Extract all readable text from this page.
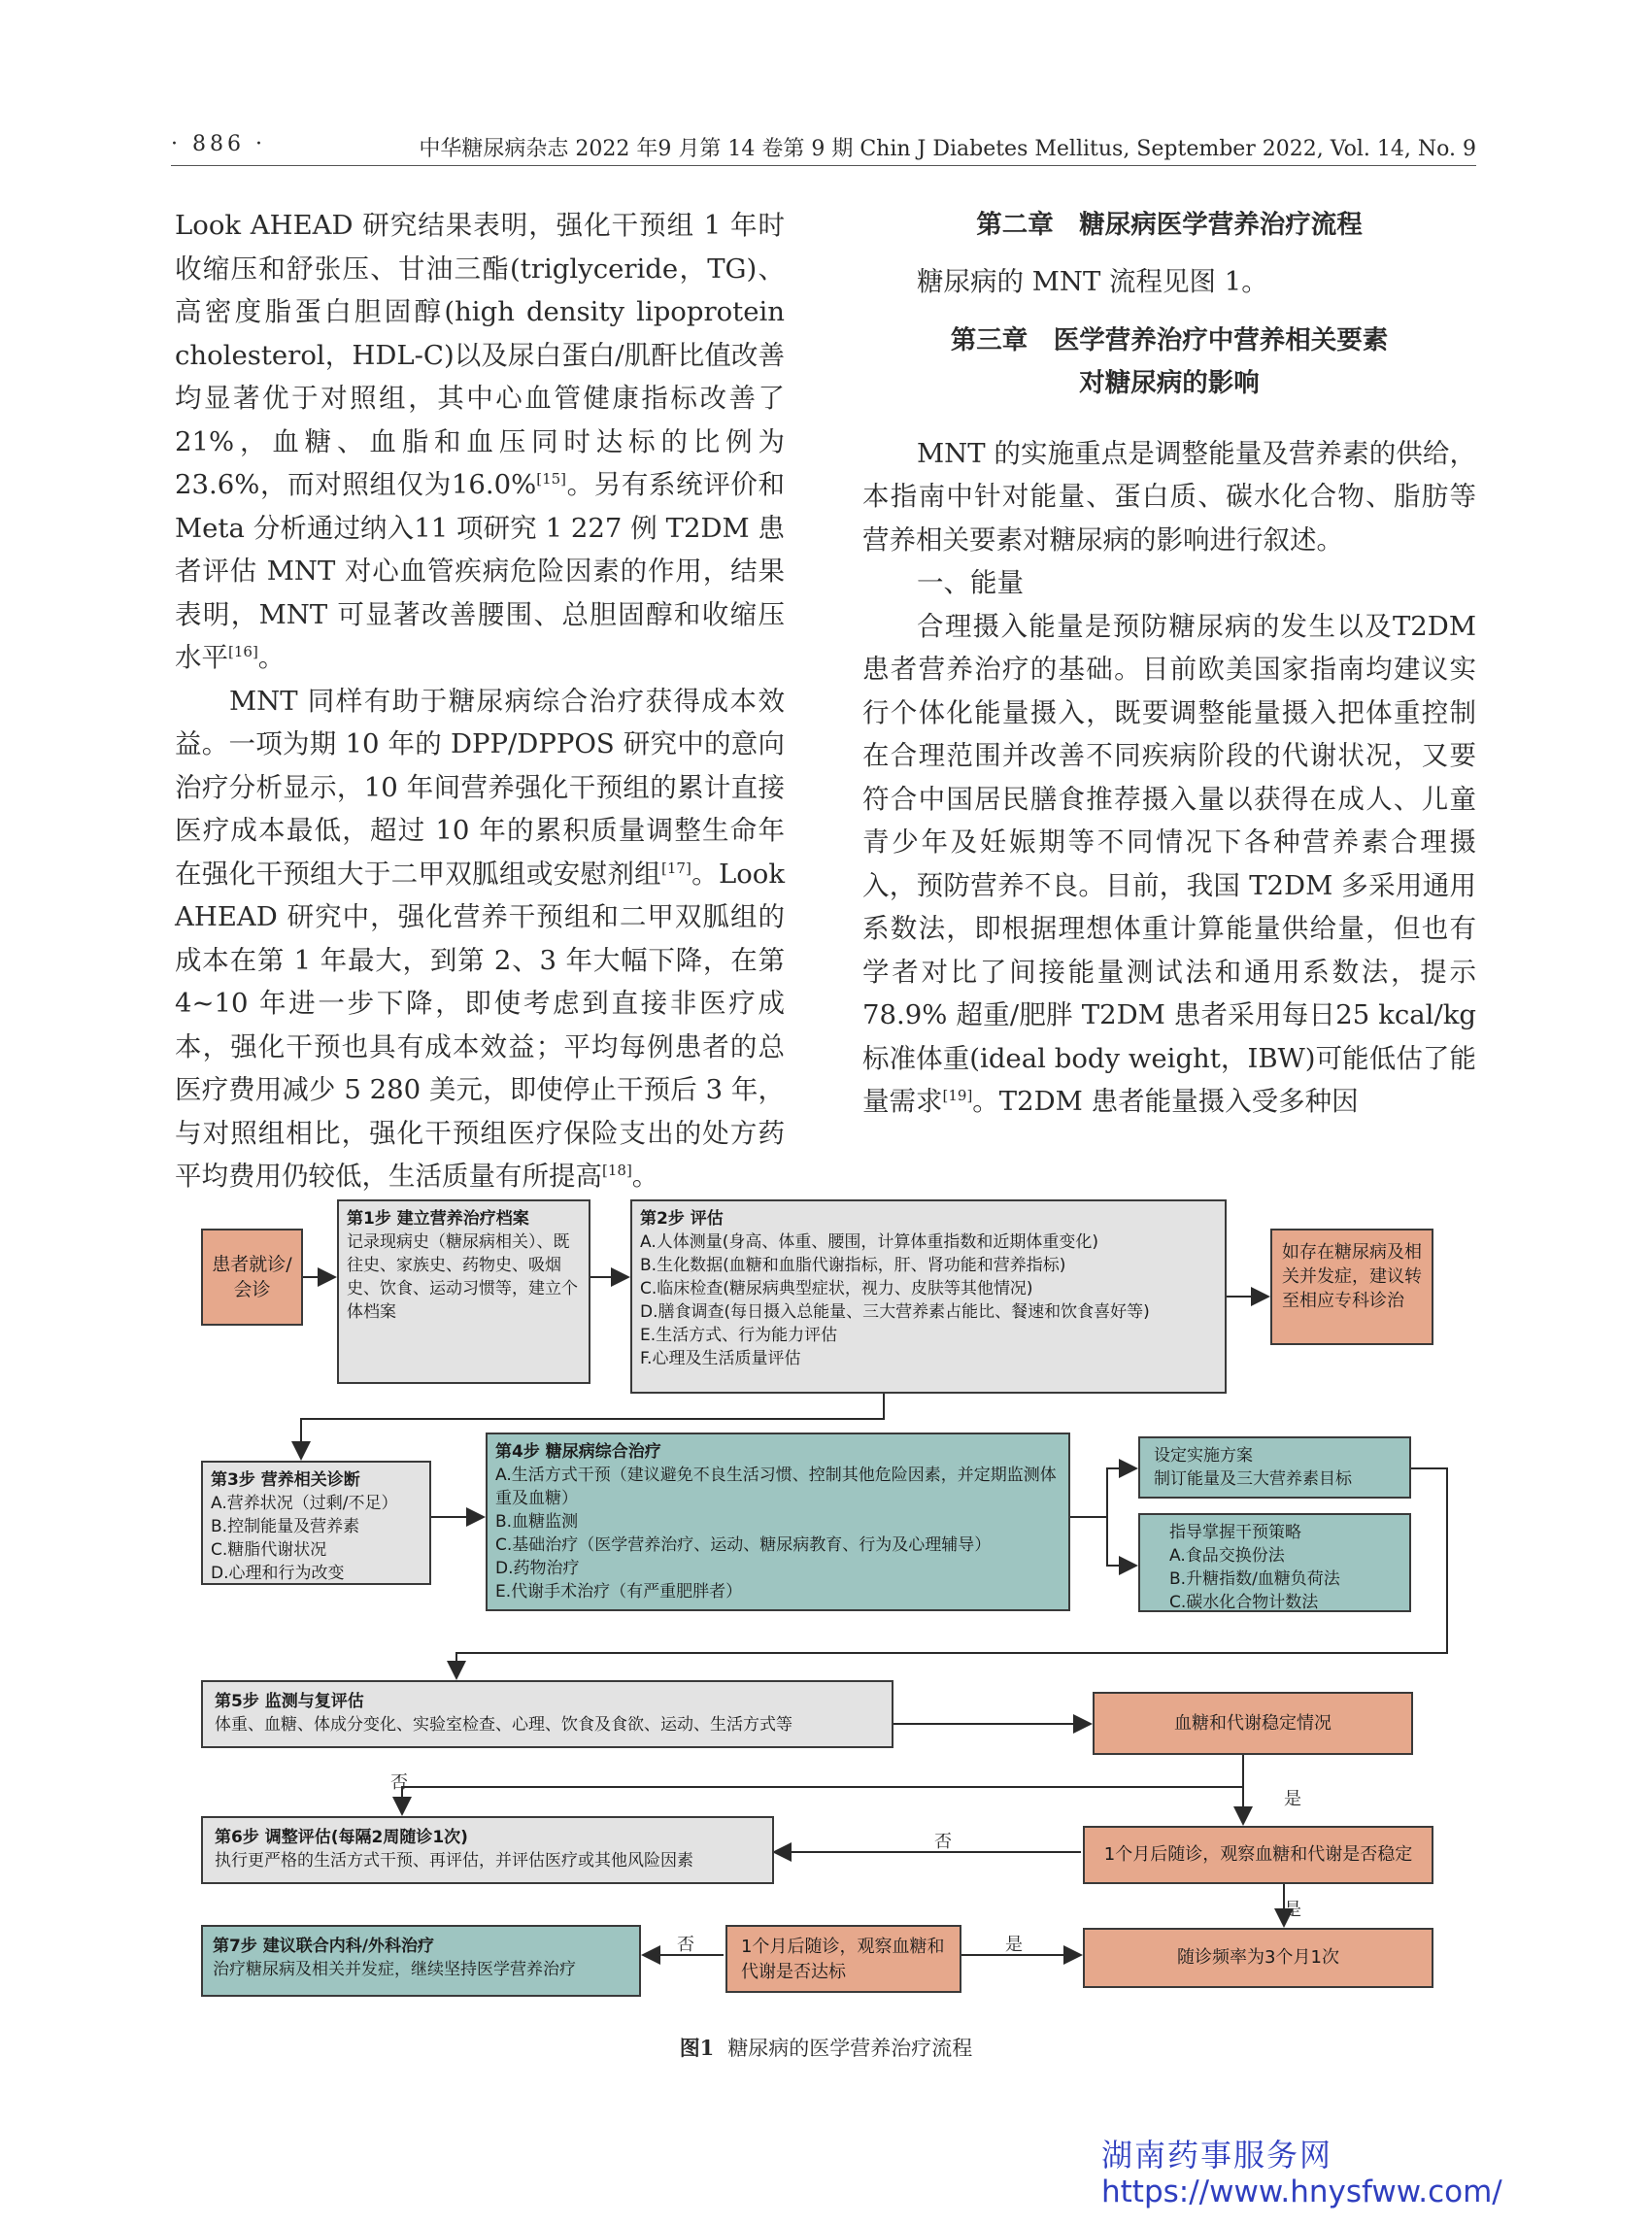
· 886 ·	中华糖尿病杂志 2022 年9 月第 14 卷第 9 期 Chin J Diabetes Mellitus, September 2022, Vol. 14, No. 9

Look AHEAD 研究结果表明，强化干预组 1 年时收缩压和舒张压、甘油三酯(triglyceride，TG)、高密度脂蛋白胆固醇(high density lipoprotein cholesterol，HDL-C)以及尿白蛋白/肌酐比值改善均显著优于对照组，其中心血管健康指标改善了 21%，血糖、血脂和血压同时达标的比例为 23.6%，而对照组仅为16.0%[15]。另有系统评价和 Meta 分析通过纳入11 项研究 1 227 例 T2DM 患者评估 MNT 对心血管疾病危险因素的作用，结果表明，MNT 可显著改善腰围、总胆固醇和收缩压水平[16]。

MNT 同样有助于糖尿病综合治疗获得成本效益。一项为期 10 年的 DPP/DPPOS 研究中的意向治疗分析显示，10 年间营养强化干预组的累计直接医疗成本最低，超过 10 年的累积质量调整生命年在强化干预组大于二甲双胍组或安慰剂组[17]。Look AHEAD 研究中，强化营养干预组和二甲双胍组的成本在第 1 年最大，到第 2、3 年大幅下降，在第4~10 年进一步下降，即使考虑到直接非医疗成本，强化干预也具有成本效益；平均每例患者的总医疗费用减少 5 280 美元，即使停止干预后 3 年，与对照组相比，强化干预组医疗保险支出的处方药平均费用仍较低，生活质量有所提高[18]。

第二章　糖尿病医学营养治疗流程

糖尿病的 MNT 流程见图 1。

第三章　医学营养治疗中营养相关要素
对糖尿病的影响

MNT 的实施重点是调整能量及营养素的供给，本指南中针对能量、蛋白质、碳水化合物、脂肪等营养相关要素对糖尿病的影响进行叙述。

一、能量

合理摄入能量是预防糖尿病的发生以及T2DM 患者营养治疗的基础。目前欧美国家指南均建议实行个体化能量摄入，既要调整能量摄入把体重控制在合理范围并改善不同疾病阶段的代谢状况，又要符合中国居民膳食推荐摄入量以获得在成人、儿童青少年及妊娠期等不同情况下各种营养素合理摄入，预防营养不良。目前，我国 T2DM 多采用通用系数法，即根据理想体重计算能量供给量，但也有学者对比了间接能量测试法和通用系数法，提示 78.9% 超重/肥胖 T2DM 患者采用每日25 kcal/kg 标准体重(ideal body weight，IBW)可能低估了能量需求[19]。T2DM 患者能量摄入受多种因

患者就诊/会诊
第1步 建立营养治疗档案
记录现病史（糖尿病相关）、既往史、家族史、药物史、吸烟史、饮食、运动习惯等，建立个体档案
第2步 评估
A.人体测量(身高、体重、腰围，计算体重指数和近期体重变化)
B.生化数据(血糖和血脂代谢指标，肝、肾功能和营养指标)
C.临床检查(糖尿病典型症状，视力、皮肤等其他情况)
D.膳食调查(每日摄入总能量、三大营养素占能比、餐速和饮食喜好等)
E.生活方式、行为能力评估
F.心理及生活质量评估
如存在糖尿病及相关并发症，建议转至相应专科诊治
第3步 营养相关诊断
A.营养状况（过剩/不足）
B.控制能量及营养素
C.糖脂代谢状况
D.心理和行为改变
第4步 糖尿病综合治疗
A.生活方式干预（建议避免不良生活习惯、控制其他危险因素，并定期监测体重及血糖）
B.血糖监测
C.基础治疗（医学营养治疗、运动、糖尿病教育、行为及心理辅导）
D.药物治疗
E.代谢手术治疗（有严重肥胖者）
设定实施方案
制订能量及三大营养素目标
指导掌握干预策略
A.食品交换份法
B.升糖指数/血糖负荷法
C.碳水化合物计数法
第5步 监测与复评估
体重、血糖、体成分变化、实验室检查、心理、饮食及食欲、运动、生活方式等	血糖和代谢稳定情况
第6步 调整评估(每隔2周随诊1次)
执行更严格的生活方式干预、再评估，并评估医疗或其他风险因素	1个月后随诊，观察血糖和代谢是否稳定
第7步 建议联合内科/外科治疗
治疗糖尿病及相关并发症，继续坚持医学营养治疗
1个月后随诊，观察血糖和代谢是否达标
随诊频率为3个月1次
否
是
否
是
否	是
图1 糖尿病的医学营养治疗流程
湖南药事服务网
https://www.hnysfww.com/
